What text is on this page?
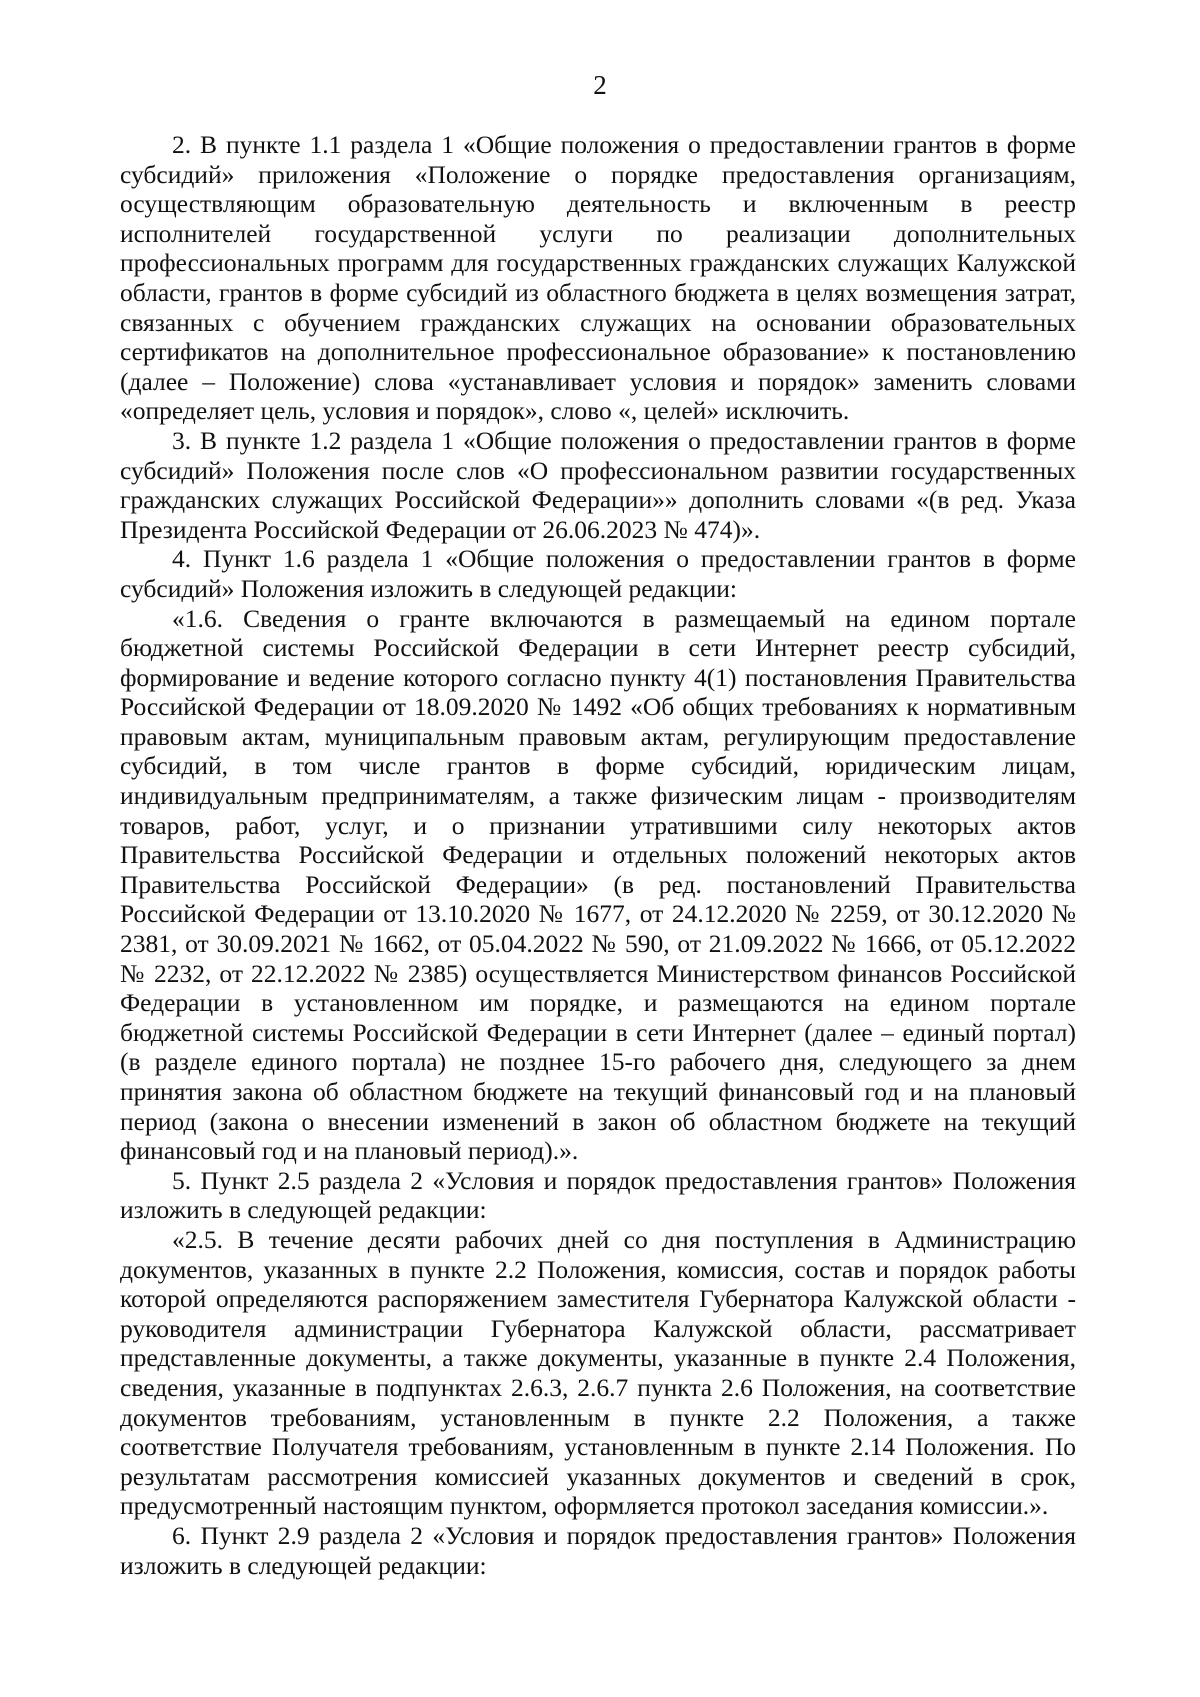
2

2. В пункте 1.1 раздела 1 «Общие положения о предоставлении грантов в форме субсидий» приложения «Положение о порядке предоставления организациям, осуществляющим образовательную деятельность и включенным в реестр исполнителей государственной услуги по реализации дополнительных профессиональных программ для государственных гражданских служащих Калужской области, грантов в форме субсидий из областного бюджета в целях возмещения затрат, связанных с обучением гражданских служащих на основании образовательных сертификатов на дополнительное профессиональное образование» к постановлению (далее – Положение) слова «устанавливает условия и порядок» заменить словами «определяет цель, условия и порядок», слово «, целей» исключить.

3. В пункте 1.2 раздела 1 «Общие положения о предоставлении грантов в форме субсидий» Положения после слов «О профессиональном развитии государственных гражданских служащих Российской Федерации»» дополнить словами «(в ред. Указа Президента Российской Федерации от 26.06.2023 № 474)».

4. Пункт 1.6 раздела 1 «Общие положения о предоставлении грантов в форме субсидий» Положения изложить в следующей редакции:

«1.6. Сведения о гранте включаются в размещаемый на едином портале бюджетной системы Российской Федерации в сети Интернет реестр субсидий, формирование и ведение которого согласно пункту 4(1) постановления Правительства Российской Федерации от 18.09.2020 № 1492 «Об общих требованиях к нормативным правовым актам, муниципальным правовым актам, регулирующим предоставление субсидий, в том числе грантов в форме субсидий, юридическим лицам, индивидуальным предпринимателям, а также физическим лицам - производителям товаров, работ, услуг, и о признании утратившими силу некоторых актов Правительства Российской Федерации и отдельных положений некоторых актов Правительства Российской Федерации» (в ред. постановлений Правительства Российской Федерации от 13.10.2020 № 1677, от 24.12.2020 № 2259, от 30.12.2020 № 2381, от 30.09.2021 № 1662, от 05.04.2022 № 590, от 21.09.2022 № 1666, от 05.12.2022 № 2232, от 22.12.2022 № 2385) осуществляется Министерством финансов Российской Федерации в установленном им порядке, и размещаются на едином портале бюджетной системы Российской Федерации в сети Интернет (далее – единый портал) (в разделе единого портала) не позднее 15-го рабочего дня, следующего за днем принятия закона об областном бюджете на текущий финансовый год и на плановый период (закона о внесении изменений в закон об областном бюджете на текущий финансовый год и на плановый период).».

5. Пункт 2.5 раздела 2 «Условия и порядок предоставления грантов» Положения изложить в следующей редакции:

«2.5. В течение десяти рабочих дней со дня поступления в Администрацию документов, указанных в пункте 2.2 Положения, комиссия, состав и порядок работы которой определяются распоряжением заместителя Губернатора Калужской области - руководителя администрации Губернатора Калужской области, рассматривает представленные документы, а также документы, указанные в пункте 2.4 Положения, сведения, указанные в подпунктах 2.6.3, 2.6.7 пункта 2.6 Положения, на соответствие документов требованиям, установленным в пункте 2.2 Положения, а также соответствие Получателя требованиям, установленным в пункте 2.14 Положения. По результатам рассмотрения комиссией указанных документов и сведений в срок, предусмотренный настоящим пунктом, оформляется протокол заседания комиссии.».

6. Пункт 2.9 раздела 2 «Условия и порядок предоставления грантов» Положения изложить в следующей редакции:
